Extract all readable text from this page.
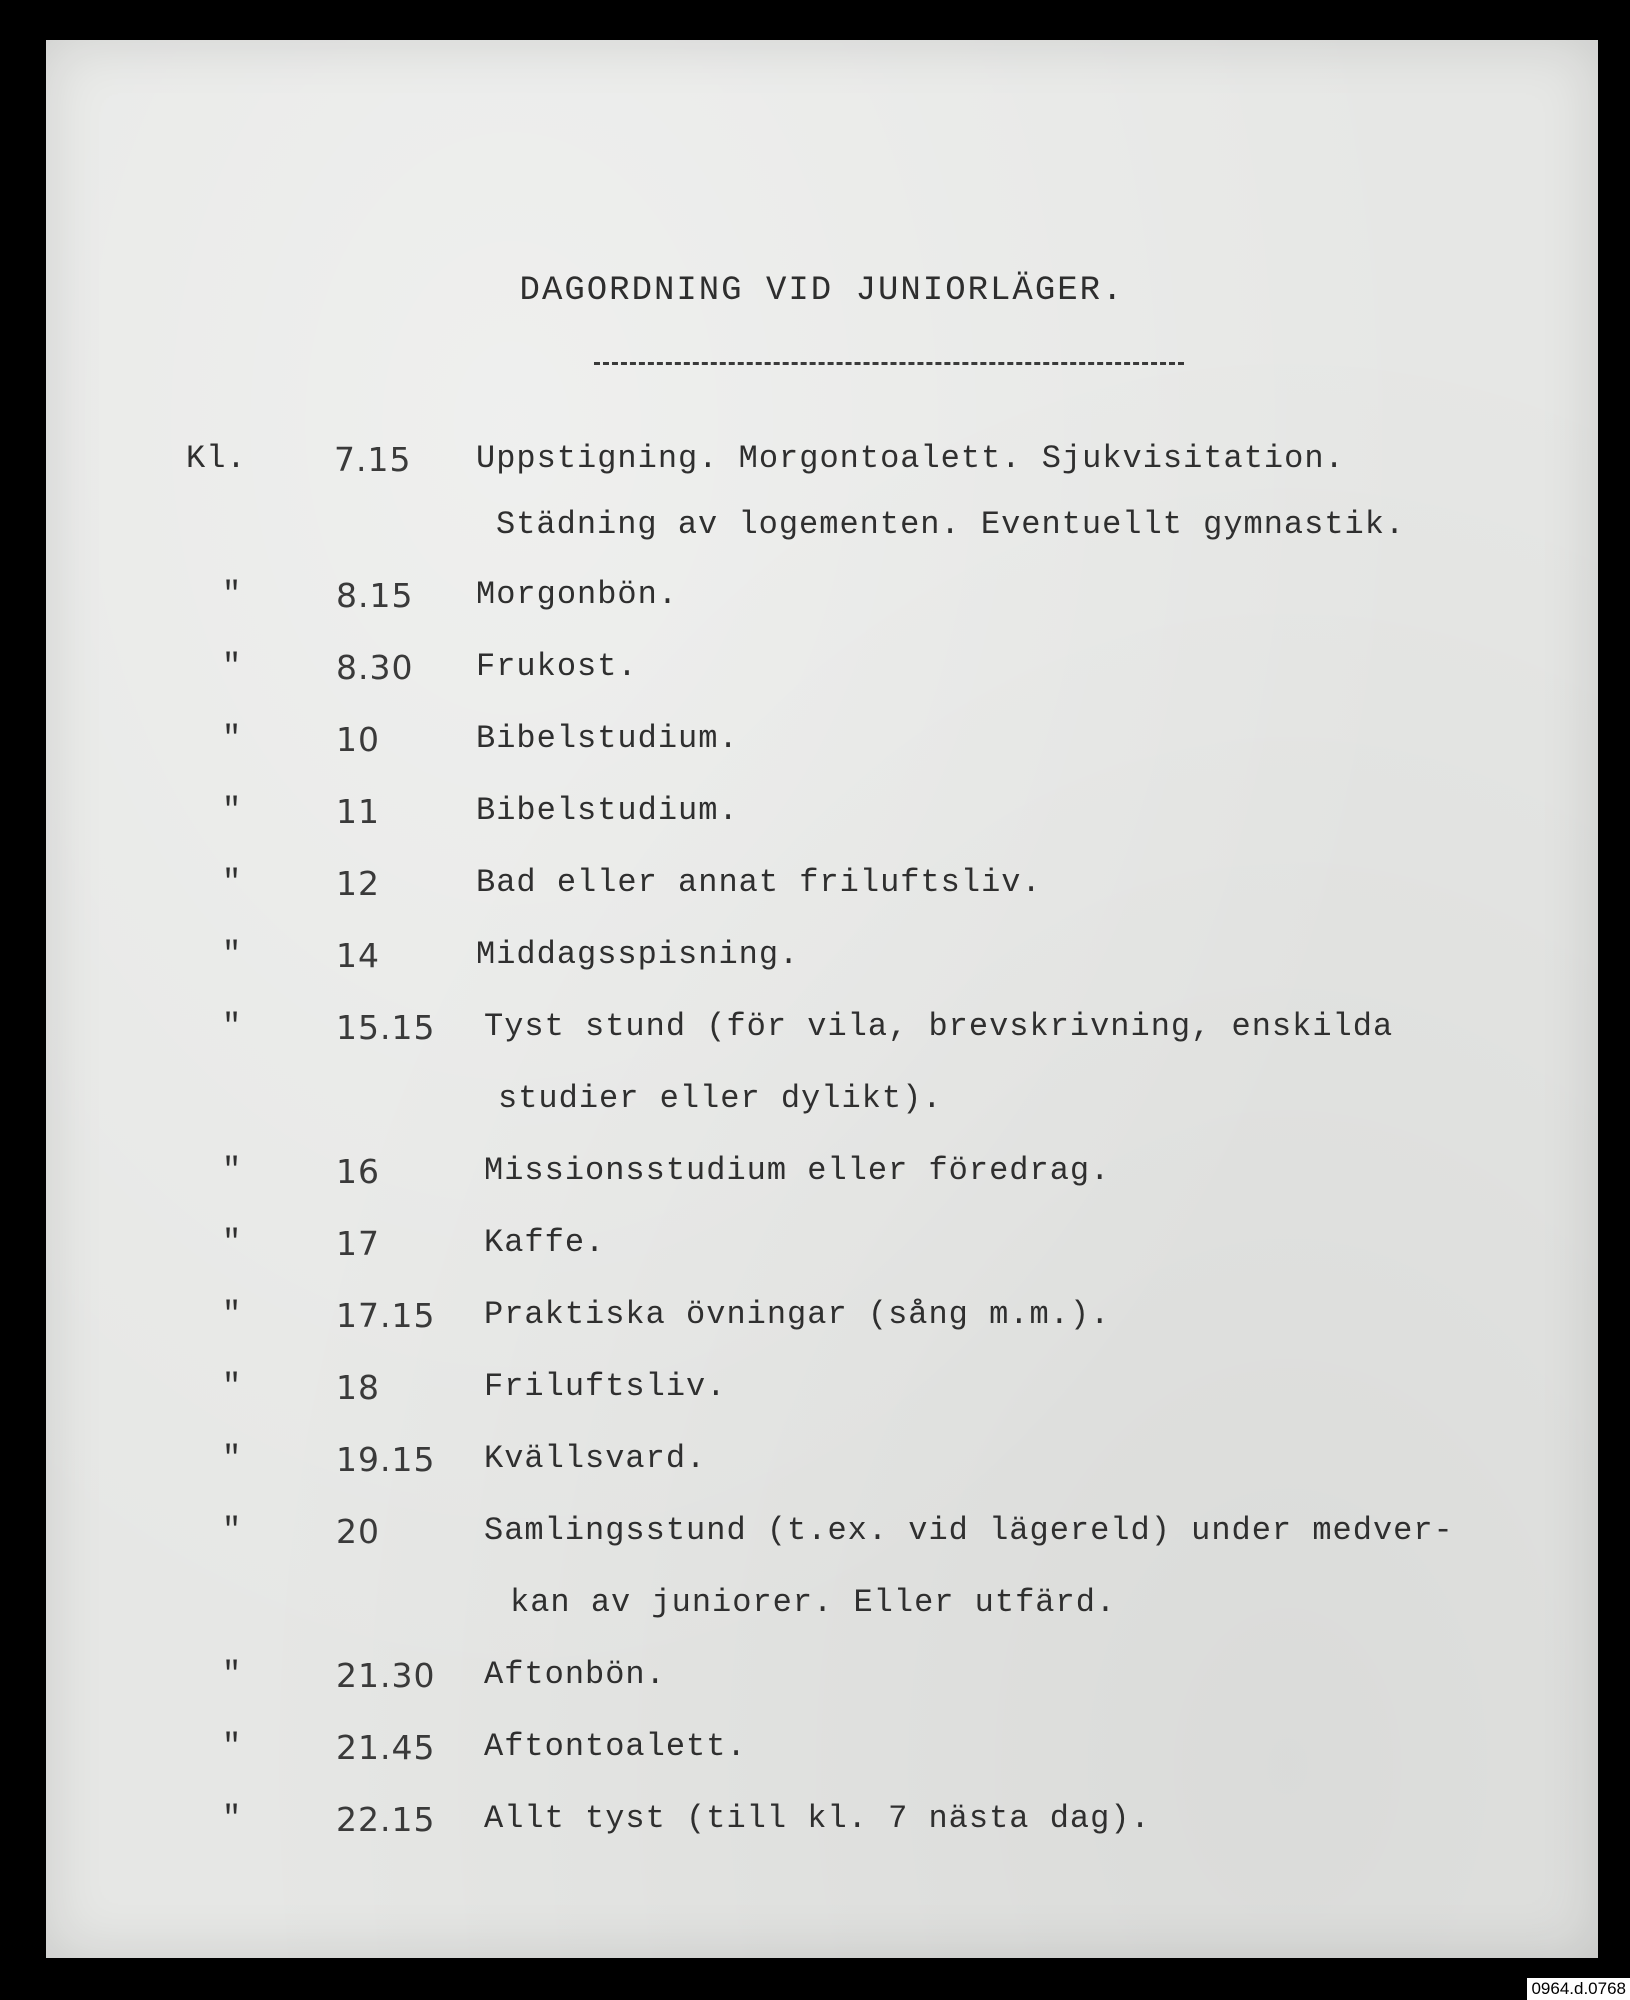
DAGORDNING VID JUNIORLÄGER.
Kl.	7.15 Uppstigning. Morgontoalett. Sjukvisitation.
Städning av logementen. Eventuellt gymnastik.
"	8.15 Morgonbön.
"	8.30 Frukost.
"	10	Bibelstudium.
"	11	Bibelstudium.
"	12	Bad eller annat friluftsliv.
"	14	Middagsspisning.
"	15.15 Tyst stund (för vila, brevskrivning, enskilda
studier eller dylikt).
"	16	Missionsstudium eller föredrag.
"	17	Kaffe.
"	17.15 Praktiska övningar (sång m.m.).
"	18	Friluftsliv.
"	19.15 Kvällsvard.
"	20	Samlingsstund (t.ex. vid lägereld) under medver-
kan av juniorer. Eller utfärd.
"	21.30 Aftonbön.
"	21.45 Aftontoalett.
"	22.15 Allt tyst (till kl. 7 nästa dag).
0964.d.0768
